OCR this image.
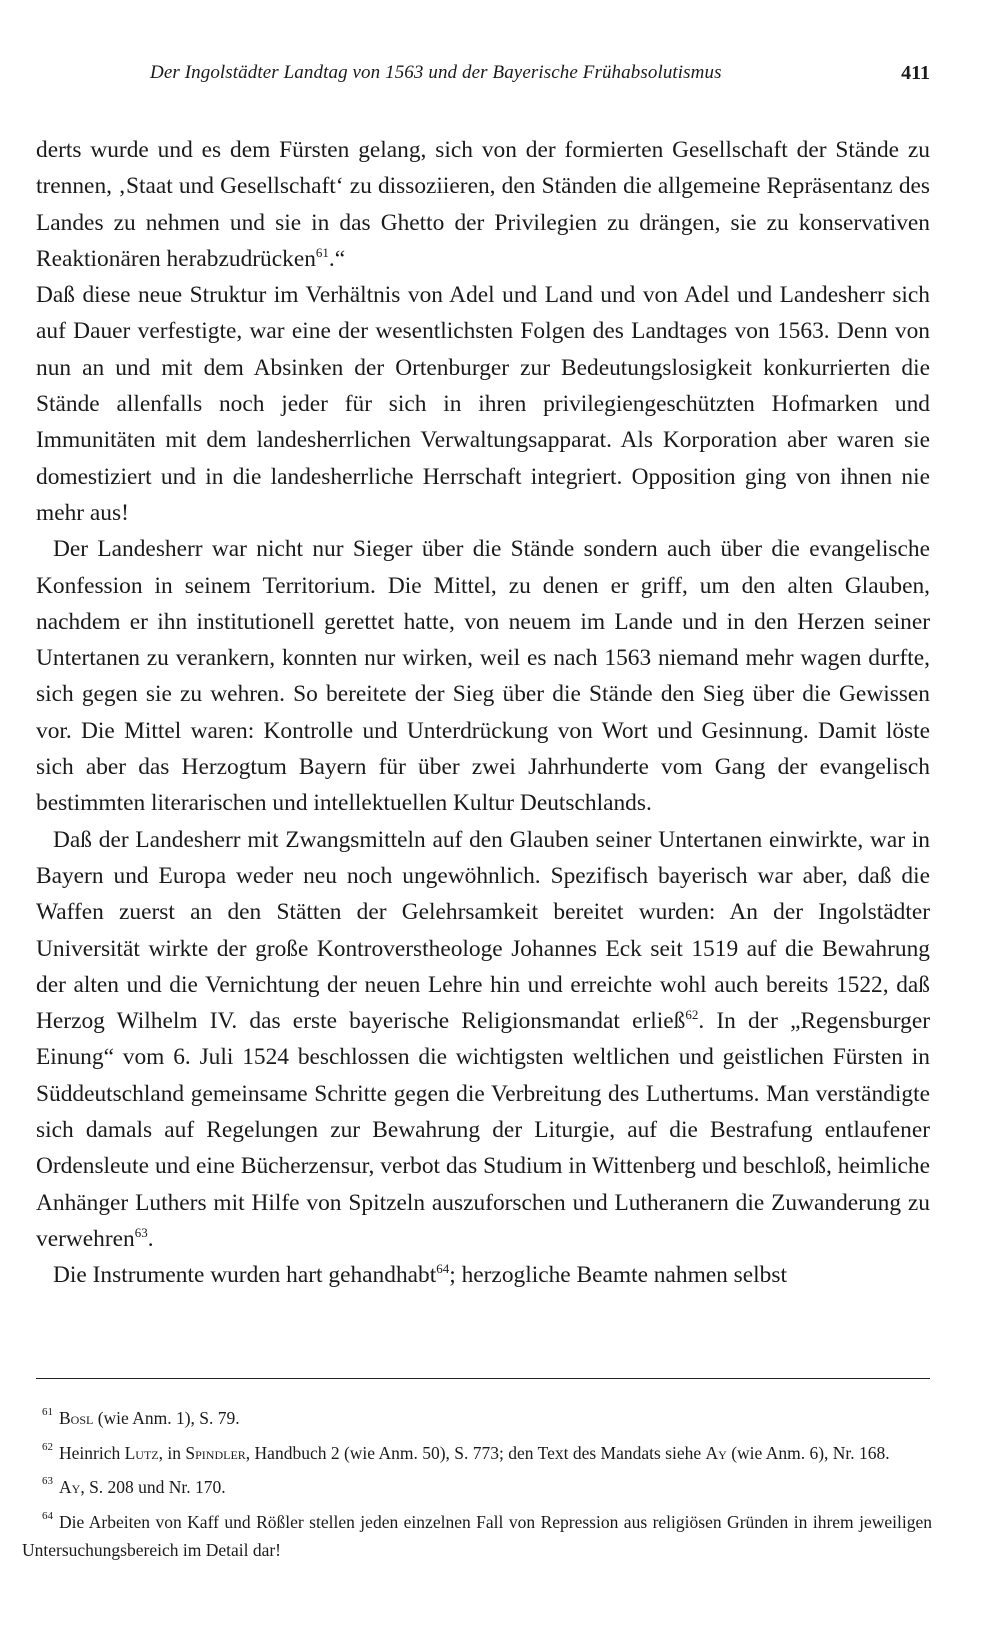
Der Ingolstädter Landtag von 1563 und der Bayerische Frühabsolutismus	411

derts wurde und es dem Fürsten gelang, sich von der formierten Gesellschaft der Stände zu trennen, ‚Staat und Gesellschaft‘ zu dissoziieren, den Ständen die allgemeine Repräsentanz des Landes zu nehmen und sie in das Ghetto der Privilegien zu drängen, sie zu konservativen Reaktionären herabzudrücken$^{61}$.“

Daß diese neue Struktur im Verhältnis von Adel und Land und von Adel und Landesherr sich auf Dauer verfestigte, war eine der wesentlichsten Folgen des Landtages von 1563. Denn von nun an und mit dem Absinken der Ortenburger zur Bedeutungslosigkeit konkurrierten die Stände allenfalls noch jeder für sich in ihren privilegiengeschützten Hofmarken und Immunitäten mit dem landesherrlichen Verwaltungsapparat. Als Korporation aber waren sie domestiziert und in die landesherrliche Herrschaft integriert. Opposition ging von ihnen nie mehr aus!

Der Landesherr war nicht nur Sieger über die Stände sondern auch über die evangelische Konfession in seinem Territorium. Die Mittel, zu denen er griff, um den alten Glauben, nachdem er ihn institutionell gerettet hatte, von neuem im Lande und in den Herzen seiner Untertanen zu verankern, konnten nur wirken, weil es nach 1563 niemand mehr wagen durfte, sich gegen sie zu wehren. So bereitete der Sieg über die Stände den Sieg über die Gewissen vor. Die Mittel waren: Kontrolle und Unterdrückung von Wort und Gesinnung. Damit löste sich aber das Herzogtum Bayern für über zwei Jahrhunderte vom Gang der evangelisch bestimmten literarischen und intellektuellen Kultur Deutschlands.

Daß der Landesherr mit Zwangsmitteln auf den Glauben seiner Untertanen einwirkte, war in Bayern und Europa weder neu noch ungewöhnlich. Spezifisch bayerisch war aber, daß die Waffen zuerst an den Stätten der Gelehrsamkeit bereitet wurden: An der Ingolstädter Universität wirkte der große Kontroverstheologe Johannes Eck seit 1519 auf die Bewahrung der alten und die Vernichtung der neuen Lehre hin und erreichte wohl auch bereits 1522, daß Herzog Wilhelm IV. das erste bayerische Religionsmandat erließ$^{62}$. In der „Regensburger Einung“ vom 6. Juli 1524 beschlossen die wichtigsten weltlichen und geistlichen Fürsten in Süddeutschland gemeinsame Schritte gegen die Verbreitung des Luthertums. Man verständigte sich damals auf Regelungen zur Bewahrung der Liturgie, auf die Bestrafung entlaufener Ordensleute und eine Bücherzensur, verbot das Studium in Wittenberg und beschloß, heimliche Anhänger Luthers mit Hilfe von Spitzeln auszuforschen und Lutheranern die Zuwanderung zu verwehren$^{63}$.

Die Instrumente wurden hart gehandhabt$^{64}$; herzogliche Beamte nahmen selbst

$^{61}$ Bosl (wie Anm. 1), S. 79.

$^{62}$ Heinrich Lutz, in Spindler, Handbuch 2 (wie Anm. 50), S. 773; den Text des Mandats siehe Ay (wie Anm. 6), Nr. 168.

$^{63}$ Ay, S. 208 und Nr. 170.

$^{64}$ Die Arbeiten von Kaff und Rößler stellen jeden einzelnen Fall von Repression aus religiösen Gründen in ihrem jeweiligen Untersuchungsbereich im Detail dar!
